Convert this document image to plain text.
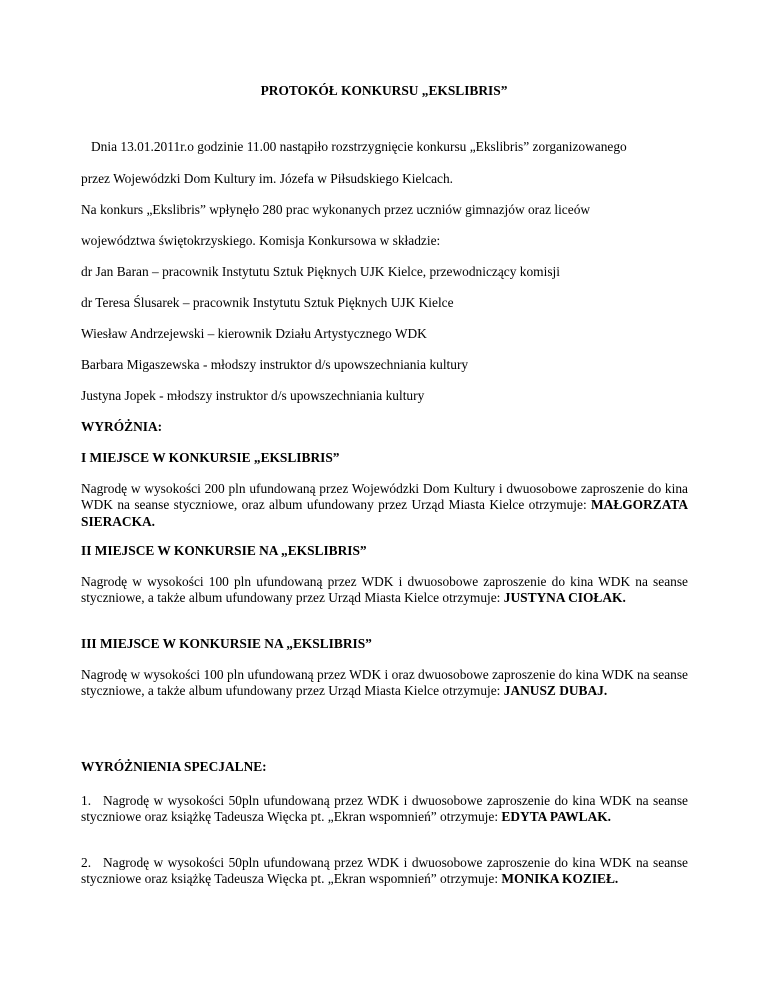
PROTOKÓŁ KONKURSU „EKSLIBRIS”
Dnia 13.01.2011r.o godzinie 11.00 nastąpiło rozstrzygnięcie konkursu „Ekslibris” zorganizowanego
przez Wojewódzki Dom Kultury im. Józefa w Piłsudskiego Kielcach.
Na konkurs „Ekslibris” wpłynęło 280 prac wykonanych przez uczniów gimnazjów oraz liceów
województwa świętokrzyskiego. Komisja Konkursowa w składzie:
dr Jan Baran – pracownik Instytutu Sztuk Pięknych UJK Kielce, przewodniczący komisji
dr Teresa Ślusarek – pracownik Instytutu Sztuk Pięknych UJK Kielce
Wiesław Andrzejewski – kierownik Działu Artystycznego WDK
Barbara Migaszewska - młodszy instruktor d/s upowszechniania kultury
Justyna Jopek - młodszy instruktor d/s upowszechniania kultury
WYRÓŻNIA:
I MIEJSCE W KONKURSIE „EKSLIBRIS”
Nagrodę w wysokości 200 pln ufundowaną przez Wojewódzki Dom Kultury i dwuosobowe zaproszenie do kina WDK na seanse styczniowe, oraz album ufundowany przez Urząd Miasta Kielce otrzymuje: MAŁGORZATA SIERACKA.
II MIEJSCE W KONKURSIE NA „EKSLIBRIS”
Nagrodę w wysokości 100 pln ufundowaną przez WDK i dwuosobowe zaproszenie do kina WDK na seanse styczniowe, a także album ufundowany przez Urząd Miasta Kielce otrzymuje: JUSTYNA CIOŁAK.
III MIEJSCE W KONKURSIE NA „EKSLIBRIS”
Nagrodę w wysokości 100 pln ufundowaną przez WDK i oraz dwuosobowe zaproszenie do kina WDK na seanse styczniowe, a także album ufundowany przez Urząd Miasta Kielce otrzymuje: JANUSZ DUBAJ.
WYRÓŻNIENIA SPECJALNE:
1. Nagrodę w wysokości 50pln ufundowaną przez WDK i dwuosobowe zaproszenie do kina WDK na seanse styczniowe oraz książkę Tadeusza Więcka pt. „Ekran wspomnień” otrzymuje: EDYTA PAWLAK.
2. Nagrodę w wysokości 50pln ufundowaną przez WDK i dwuosobowe zaproszenie do kina WDK na seanse styczniowe oraz książkę Tadeusza Więcka pt. „Ekran wspomnień” otrzymuje: MONIKA KOZIEŁ.
